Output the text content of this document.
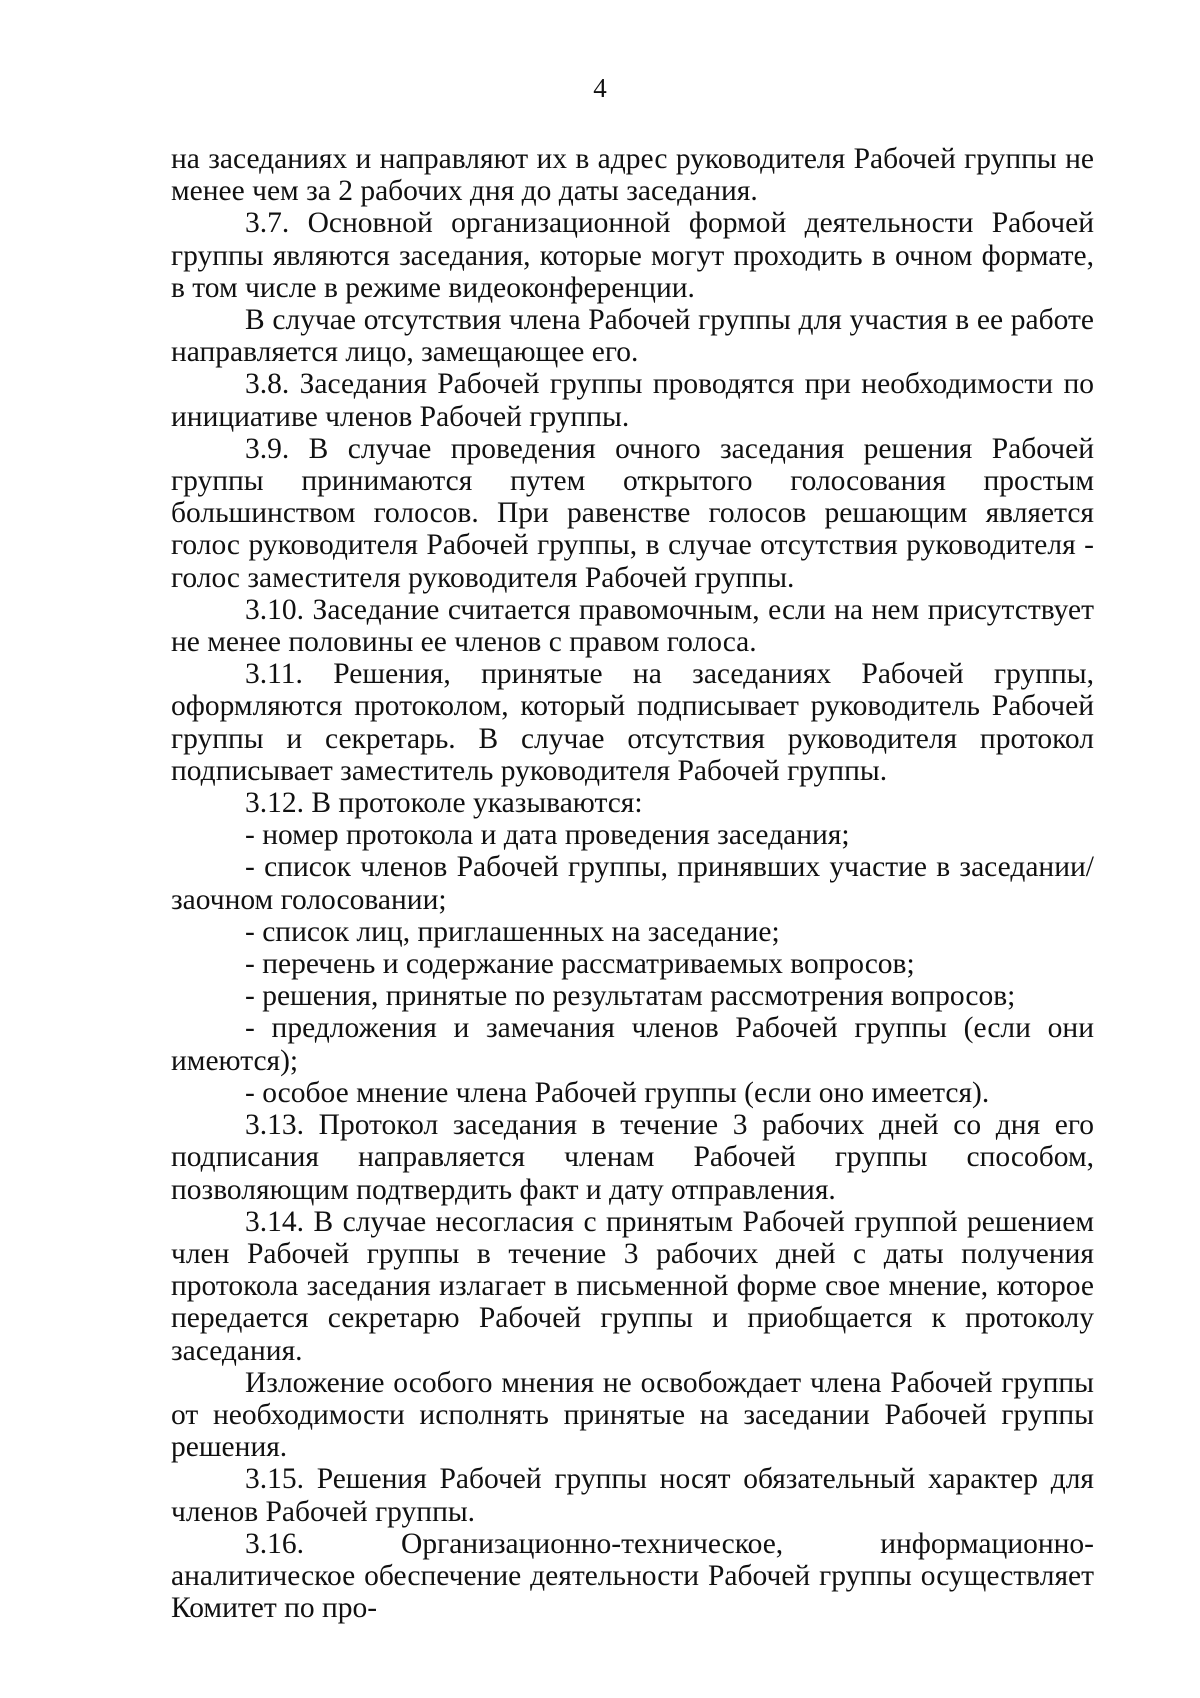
4

на заседаниях и направляют их в адрес руководителя Рабочей группы не менее чем за 2 рабочих дня до даты заседания.

3.7. Основной организационной формой деятельности Рабочей группы являются заседания, которые могут проходить в очном формате, в том числе в режиме видеоконференции.

В случае отсутствия члена Рабочей группы для участия в ее работе направляется лицо, замещающее его.

3.8. Заседания Рабочей группы проводятся при необходимости по инициативе членов Рабочей группы.

3.9. В случае проведения очного заседания решения Рабочей группы принимаются путем открытого голосования простым большинством голосов. При равенстве голосов решающим является голос руководителя Рабочей группы, в случае отсутствия руководителя - голос заместителя руководителя Рабочей группы.

3.10. Заседание считается правомочным, если на нем присутствует не менее половины ее членов с правом голоса.

3.11. Решения, принятые на заседаниях Рабочей группы, оформляются протоколом, который подписывает руководитель Рабочей группы и секретарь. В случае отсутствия руководителя протокол подписывает заместитель руководителя Рабочей группы.

3.12. В протоколе указываются:

- номер протокола и дата проведения заседания;

- список членов Рабочей группы, принявших участие в заседании/заочном голосовании;

- список лиц, приглашенных на заседание;

- перечень и содержание рассматриваемых вопросов;

- решения, принятые по результатам рассмотрения вопросов;

- предложения и замечания членов Рабочей группы (если они имеются);

- особое мнение члена Рабочей группы (если оно имеется).

3.13. Протокол заседания в течение 3 рабочих дней со дня его подписания направляется членам Рабочей группы способом, позволяющим подтвердить факт и дату отправления.

3.14. В случае несогласия с принятым Рабочей группой решением член Рабочей группы в течение 3 рабочих дней с даты получения протокола заседания излагает в письменной форме свое мнение, которое передается секретарю Рабочей группы и приобщается к протоколу заседания.

Изложение особого мнения не освобождает члена Рабочей группы от необходимости исполнять принятые на заседании Рабочей группы решения.

3.15. Решения Рабочей группы носят обязательный характер для членов Рабочей группы.

3.16. Организационно-техническое, информационно-аналитическое обеспечение деятельности Рабочей группы осуществляет Комитет по про-
